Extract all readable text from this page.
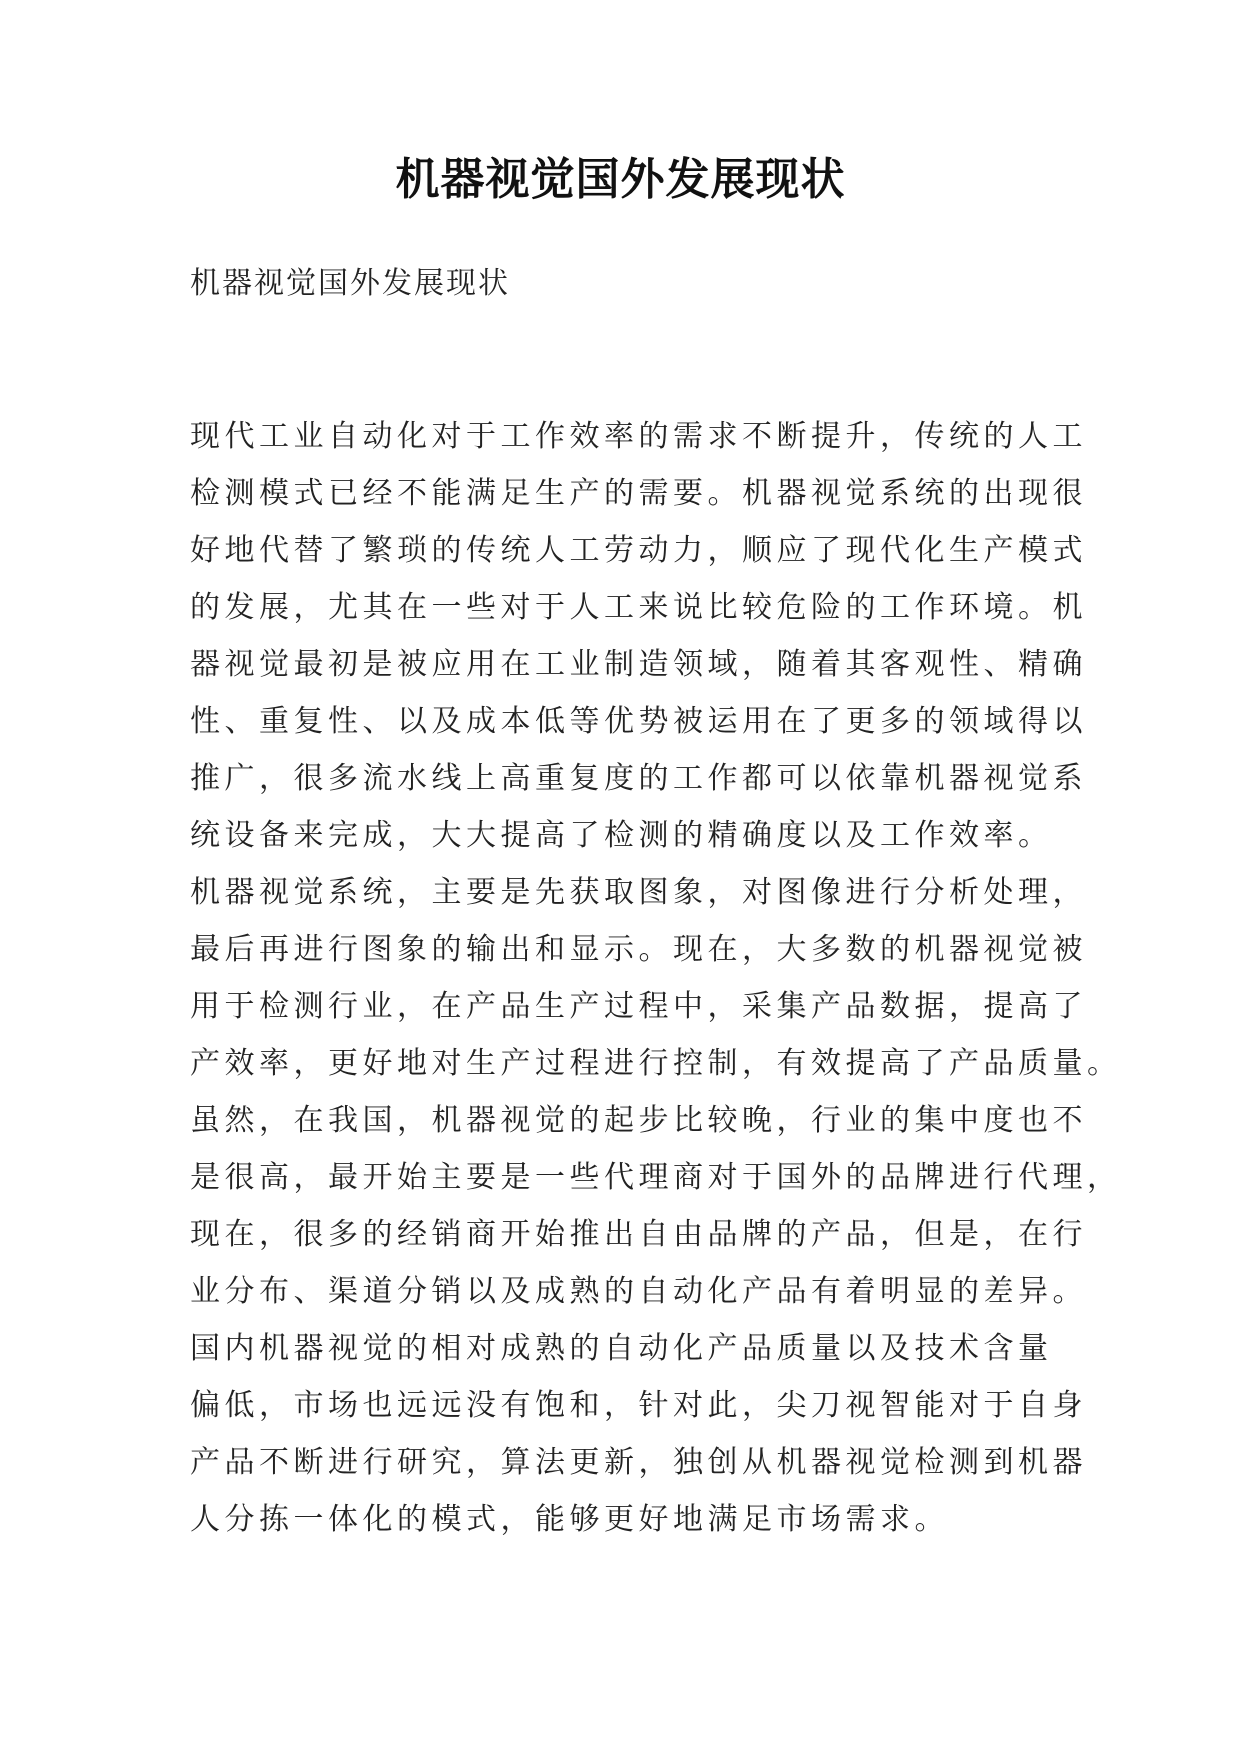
机器视觉国外发展现状

机器视觉国外发展现状

现代工业自动化对于工作效率的需求不断提升，传统的人工
检测模式已经不能满足生产的需要。机器视觉系统的出现很
好地代替了繁琐的传统人工劳动力，顺应了现代化生产模式
的发展，尤其在一些对于人工来说比较危险的工作环境。机
器视觉最初是被应用在工业制造领域，随着其客观性、精确
性、重复性、以及成本低等优势被运用在了更多的领域得以
推广，很多流水线上高重复度的工作都可以依靠机器视觉系
统设备来完成，大大提高了检测的精确度以及工作效率。
机器视觉系统，主要是先获取图象，对图像进行分析处理，
最后再进行图象的输出和显示。现在，大多数的机器视觉被
用于检测行业，在产品生产过程中，采集产品数据，提高了
产效率，更好地对生产过程进行控制，有效提高了产品质量。
虽然，在我国，机器视觉的起步比较晚，行业的集中度也不
是很高，最开始主要是一些代理商对于国外的品牌进行代理，
现在，很多的经销商开始推出自由品牌的产品，但是，在行
业分布、渠道分销以及成熟的自动化产品有着明显的差异。
国内机器视觉的相对成熟的自动化产品质量以及技术含量
偏低，市场也远远没有饱和，针对此，尖刀视智能对于自身
产品不断进行研究，算法更新，独创从机器视觉检测到机器
人分拣一体化的模式，能够更好地满足市场需求。
